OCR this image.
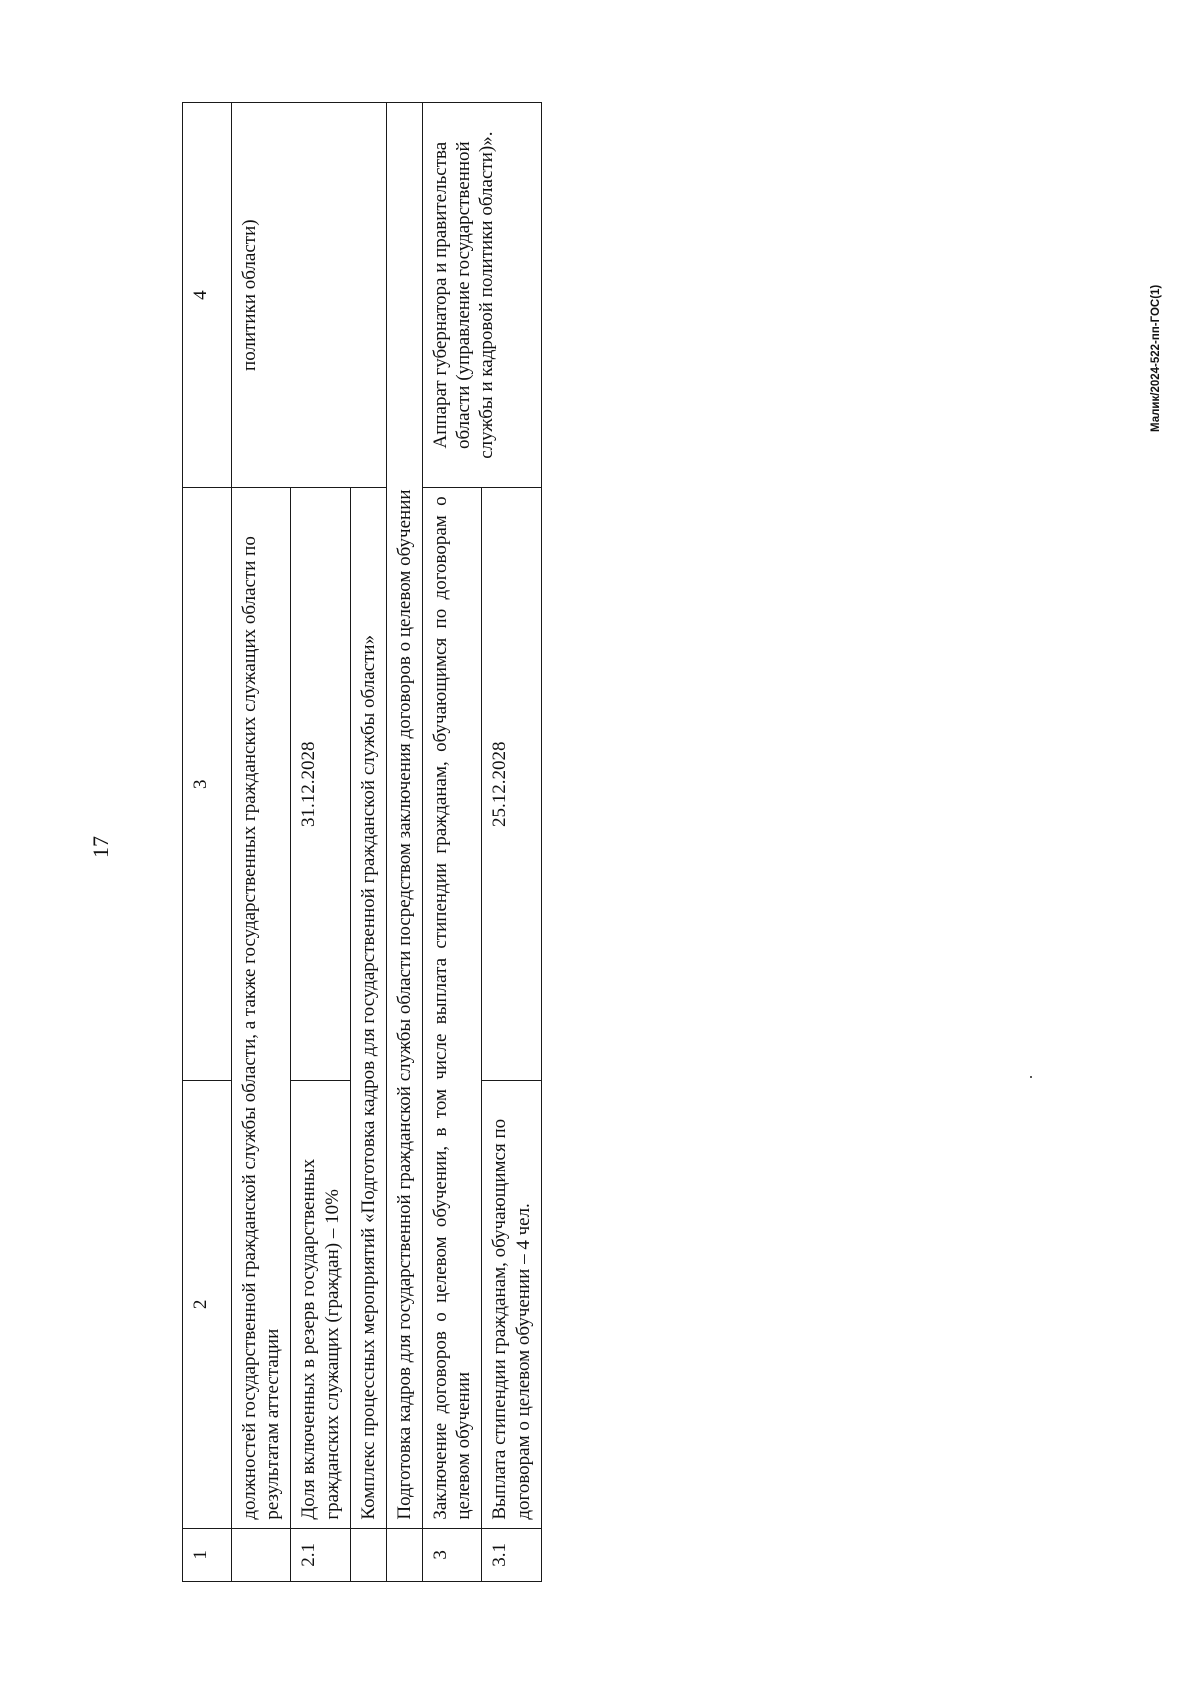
17
1	2	3	4
	должностей государственной гражданской службы области, а также государственных гражданских служащих области по результатам аттестации		политики области)
2.1	Доля включенных в резерв государственных гражданских служащих (граждан) – 10%	31.12.2028	
	Комплекс процессных мероприятий «Подготовка кадров для государственной гражданской службы области»		
	Подготовка кадров для государственной гражданской службы области посредством заключения договоров о целевом обучении		
3	Заключение договоров о целевом обучении, в том числе выплата стипендии гражданам, обучающимся по договорам о целевом обучении		Аппарат губернатора и правительства области (управление государственной службы и кадровой политики области)».
3.1	Выплата стипендии гражданам, обучающимся по договорам о целевом обучении – 4 чел.	25.12.2028	
Малик/2024-522-пп-ГОС(1)
